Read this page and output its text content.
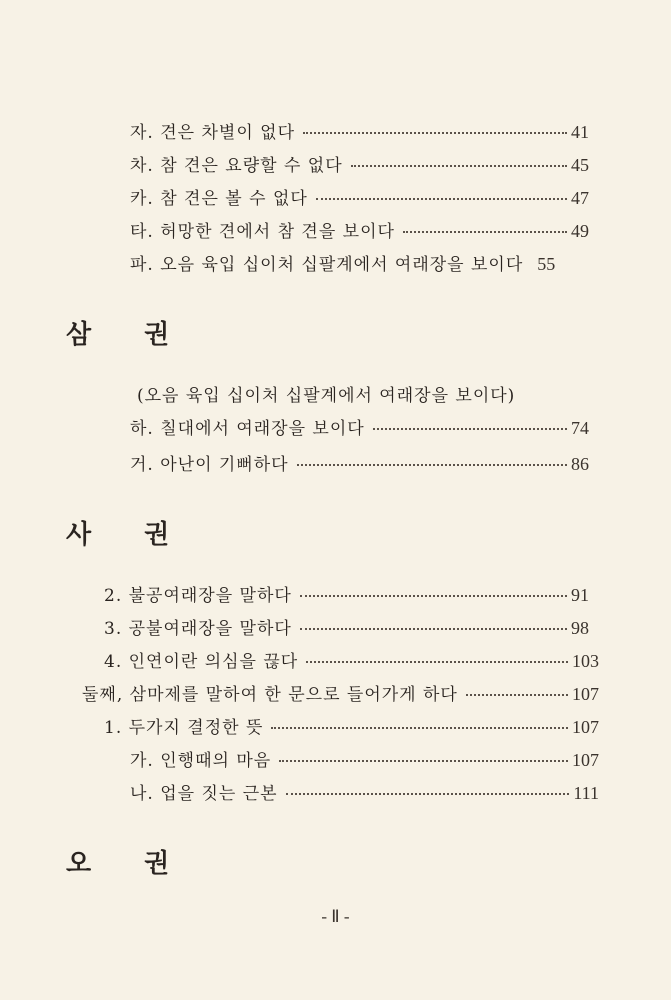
자. 견은 차별이 없다	41
차. 참 견은 요량할 수 없다	45
카. 참 견은 볼 수 없다	47
타. 허망한 견에서 참 견을 보이다	49
파. 오음 육입 십이처 십팔계에서 여래장을 보이다 55
삼 권
(오음 육입 십이처 십팔계에서 여래장을 보이다)
하. 칠대에서 여래장을 보이다	74
거. 아난이 기뻐하다	86
사 권
2. 불공여래장을 말하다	91
3. 공불여래장을 말하다	98
4. 인연이란 의심을 끊다	103
둘째, 삼마제를 말하여 한 문으로 들어가게 하다	107
1. 두가지 결정한 뜻	107
가. 인행때의 마음	107
나. 업을 짓는 근본	111
오 권
- Ⅱ -
